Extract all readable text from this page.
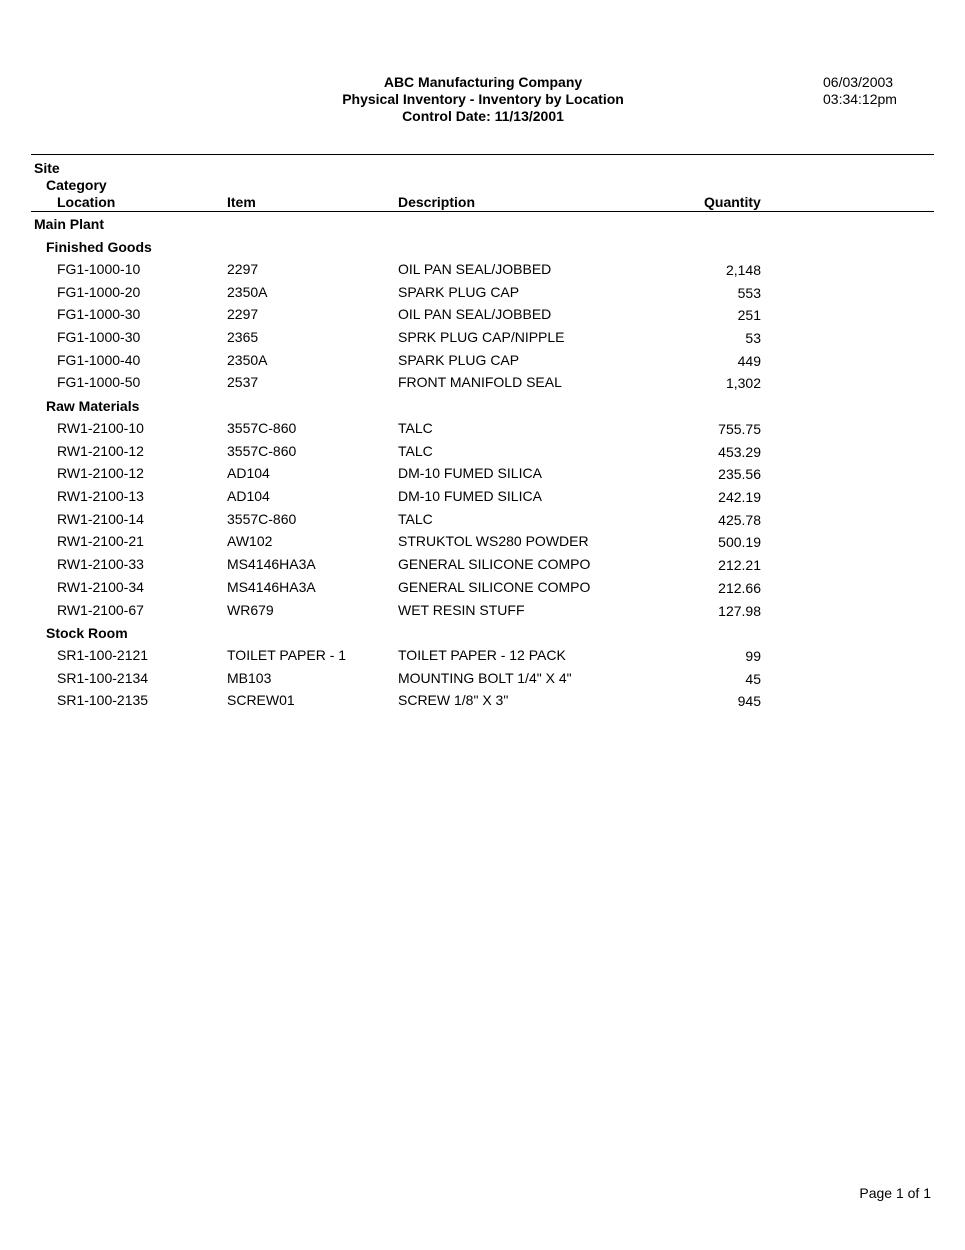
ABC Manufacturing Company
Physical Inventory - Inventory by Location
Control Date: 11/13/2001
06/03/2003
03:34:12pm
Site
Category
Location	Item	Description	Quantity
Main Plant
Finished Goods
FG1-1000-10	2297	OIL PAN SEAL/JOBBED	2,148
FG1-1000-20	2350A	SPARK PLUG CAP	553
FG1-1000-30	2297	OIL PAN SEAL/JOBBED	251
FG1-1000-30	2365	SPRK PLUG CAP/NIPPLE	53
FG1-1000-40	2350A	SPARK PLUG CAP	449
FG1-1000-50	2537	FRONT MANIFOLD SEAL	1,302
Raw Materials
RW1-2100-10	3557C-860	TALC	755.75
RW1-2100-12	3557C-860	TALC	453.29
RW1-2100-12	AD104	DM-10 FUMED SILICA	235.56
RW1-2100-13	AD104	DM-10 FUMED SILICA	242.19
RW1-2100-14	3557C-860	TALC	425.78
RW1-2100-21	AW102	STRUKTOL WS280 POWDER	500.19
RW1-2100-33	MS4146HA3A	GENERAL SILICONE COMPO	212.21
RW1-2100-34	MS4146HA3A	GENERAL SILICONE COMPO	212.66
RW1-2100-67	WR679	WET RESIN STUFF	127.98
Stock Room
SR1-100-2121	TOILET PAPER - 1	TOILET PAPER - 12 PACK	99
SR1-100-2134	MB103	MOUNTING BOLT 1/4" X 4"	45
SR1-100-2135	SCREW01	SCREW 1/8" X 3"	945
Page 1 of 1
